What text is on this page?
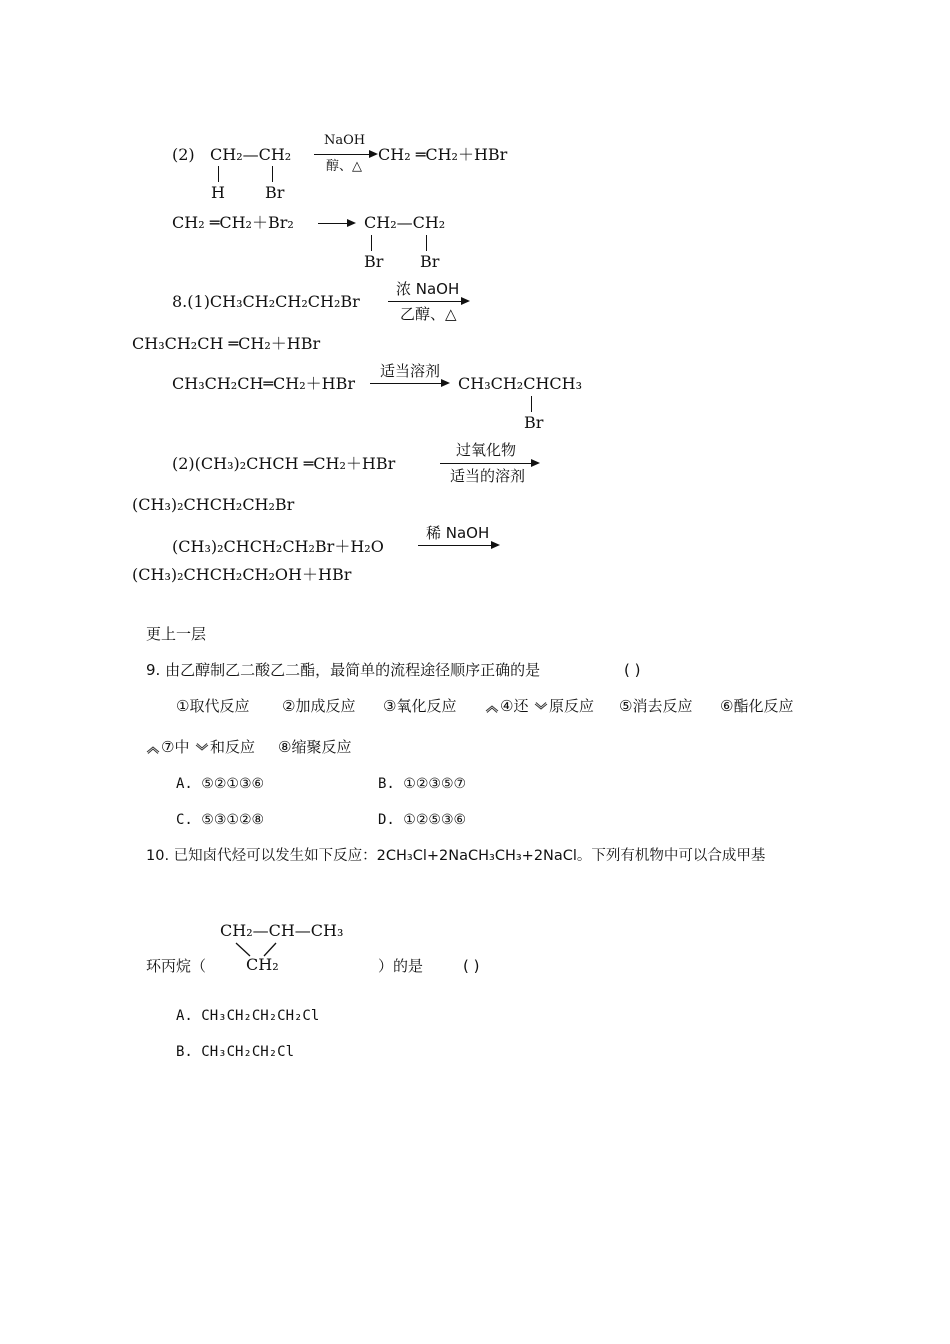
(2) CH₂—CH₂
H	Br
NaOH
醇、△
CH₂ ═CH₂＋HBr
CH₂ ═CH₂＋Br₂ → CH₂—CH₂
Br Br
8.(1)CH₃CH₂CH₂CH₂Br
浓 NaOH
乙醇、△
CH₃CH₂CH ═CH₂＋HBr
CH₃CH₂CH═CH₂＋HBr
适当溶剂
CH₃CH₂CHCH₃
Br
(2)(CH₃)₂CHCH ═CH₂＋HBr
过氧化物
适当的溶剂
(CH₃)₂CHCH₂CH₂Br
(CH₃)₂CHCH₂CH₂Br＋H₂O
稀 NaOH
(CH₃)₂CHCH₂CH₂OH＋HBr
更上一层
9. 由乙醇制乙二酸乙二酯，最简单的流程途径顺序正确的是	( )
①取代反应 ②加成反应 ③氧化反应	④还 原反应 ⑤消去反应 ⑥酯化反应
⑦中 和反应 ⑧缩聚反应
A. ⑤②①③⑥	B. ①②③⑤⑦
C. ⑤③①②⑧	D. ①②⑤③⑥
10. 已知卤代烃可以发生如下反应：2CH₃Cl+2NaCH₃CH₃+2NaCl。下列有机物中可以合成甲基
CH₂—CH—CH₃
环丙烷（ CH₂	）的是	( )
A. CH₃CH₂CH₂CH₂Cl
B. CH₃CH₂CH₂Cl
